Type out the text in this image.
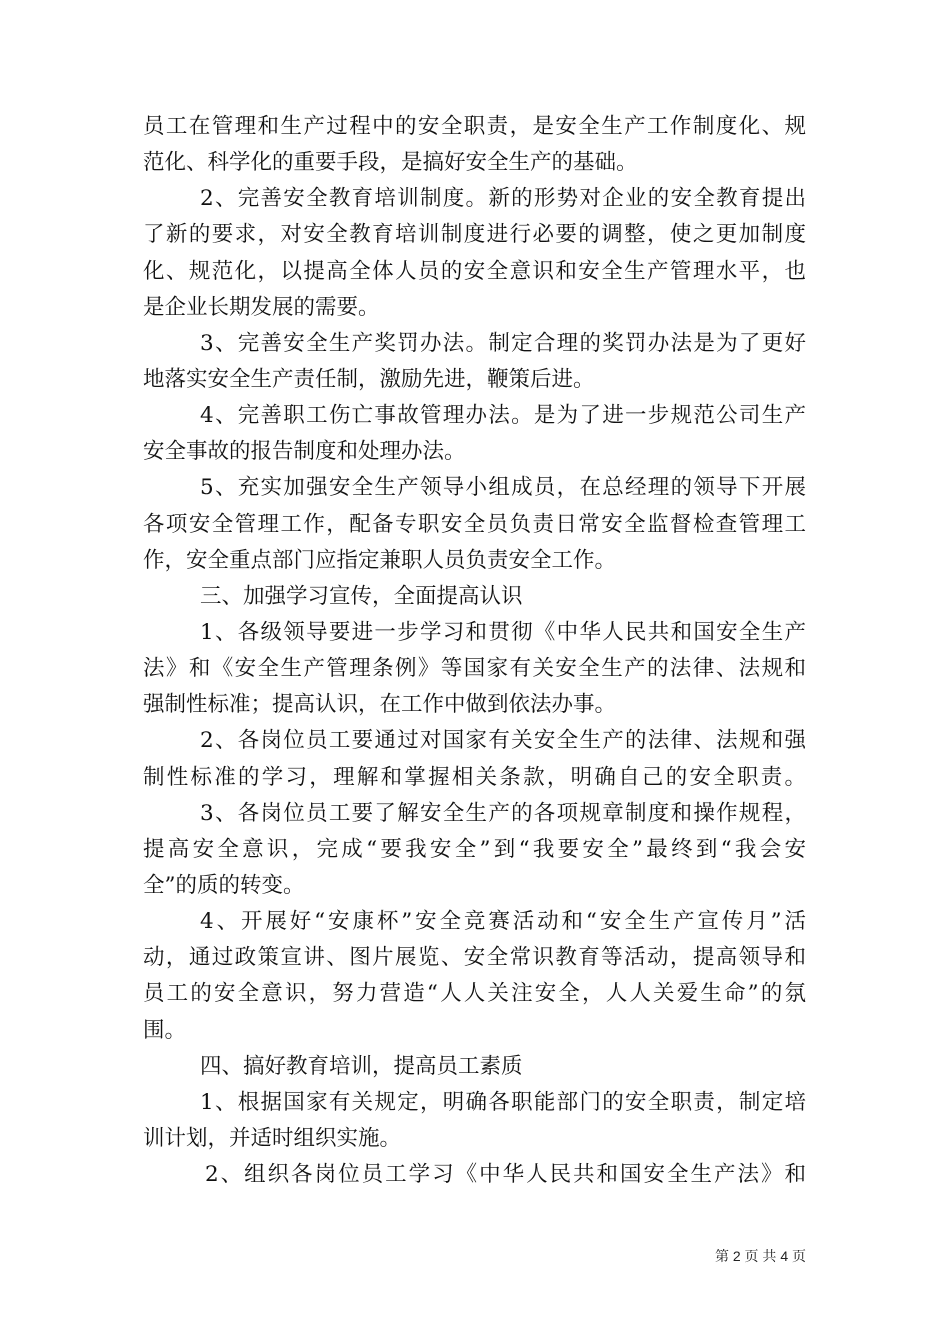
员工在管理和生产过程中的安全职责，是安全生产工作制度化、规
范化、科学化的重要手段，是搞好安全生产的基础。
2、完善安全教育培训制度。新的形势对企业的安全教育提出
了新的要求，对安全教育培训制度进行必要的调整，使之更加制度
化、规范化，以提高全体人员的安全意识和安全生产管理水平，也
是企业长期发展的需要。
3、完善安全生产奖罚办法。制定合理的奖罚办法是为了更好
地落实安全生产责任制，激励先进，鞭策后进。
4、完善职工伤亡事故管理办法。是为了进一步规范公司生产
安全事故的报告制度和处理办法。
5、充实加强安全生产领导小组成员，在总经理的领导下开展
各项安全管理工作，配备专职安全员负责日常安全监督检查管理工
作，安全重点部门应指定兼职人员负责安全工作。
三、加强学习宣传，全面提高认识
1、各级领导要进一步学习和贯彻《中华人民共和国安全生产
法》和《安全生产管理条例》等国家有关安全生产的法律、法规和
强制性标准；提高认识，在工作中做到依法办事。
2、各岗位员工要通过对国家有关安全生产的法律、法规和强
制性标准的学习，理解和掌握相关条款，明确自己的安全职责。
3、各岗位员工要了解安全生产的各项规章制度和操作规程，
提高安全意识，完成“要我安全”到“我要安全”最终到“我会安
全”的质的转变。
4、开展好“安康杯”安全竞赛活动和“安全生产宣传月”活
动，通过政策宣讲、图片展览、安全常识教育等活动，提高领导和
员工的安全意识，努力营造“人人关注安全，人人关爱生命”的氛
围。
四、搞好教育培训，提高员工素质
1、根据国家有关规定，明确各职能部门的安全职责，制定培
训计划，并适时组织实施。
2、组织各岗位员工学习《中华人民共和国安全生产法》和
第 2 页 共 4 页
